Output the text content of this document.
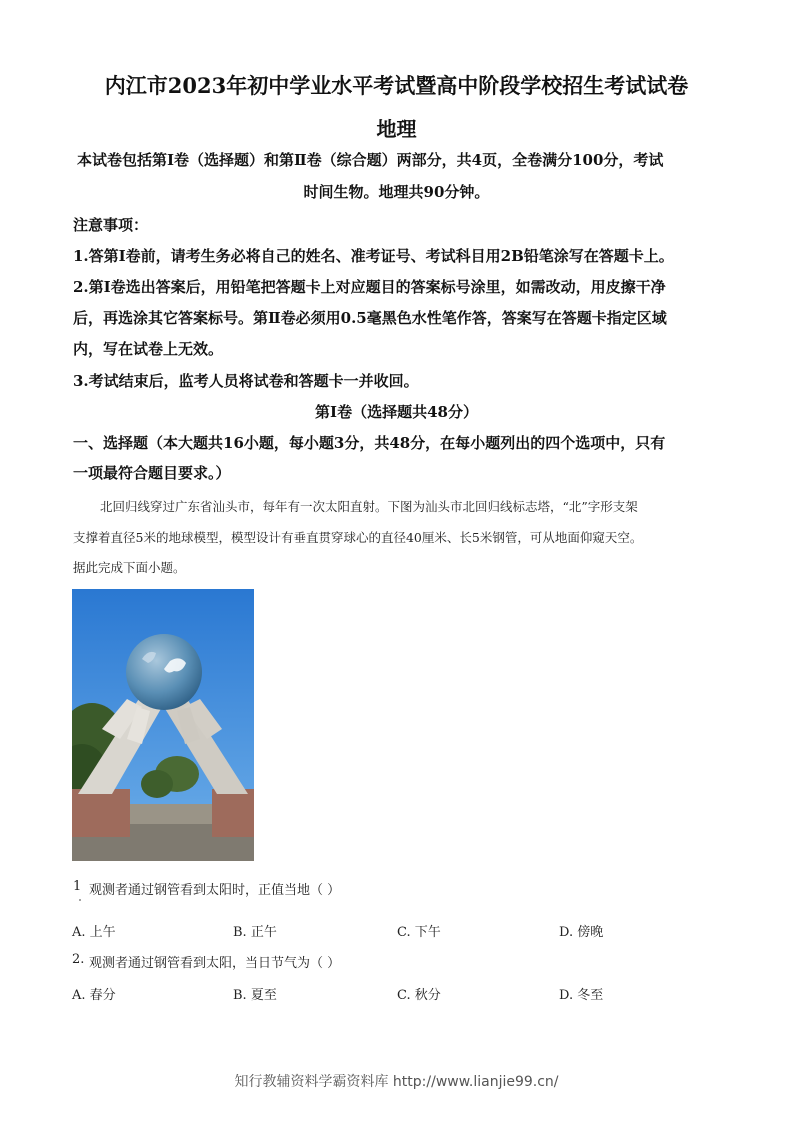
内江市2023年初中学业水平考试暨高中阶段学校招生考试试卷
地理
本试卷包括第Ⅰ卷（选择题）和第Ⅱ卷（综合题）两部分，共4页，全卷满分100分，考试
时间生物。地理共90分钟。
注意事项：
1.答第Ⅰ卷前，请考生务必将自己的姓名、准考证号、考试科目用2B铅笔涂写在答题卡上。
2.第Ⅰ卷选出答案后，用铅笔把答题卡上对应题目的答案标号涂里，如需改动，用皮擦干净
后，再选涂其它答案标号。第Ⅱ卷必须用0.5毫黑色水性笔作答，答案写在答题卡指定区域
内，写在试卷上无效。
3.考试结束后，监考人员将试卷和答题卡一并收回。
第Ⅰ卷（选择题共48分）
一、选择题（本大题共16小题，每小题3分，共48分，在每小题列出的四个选项中，只有
一项最符合题目要求。）
北回归线穿过广东省汕头市，每年有一次太阳直射。下图为汕头市北回归线标志塔，“北”字形支架
支撑着直径5米的地球模型，模型设计有垂直贯穿球心的直径40厘米、长5米钢管，可从地面仰窥天空。
据此完成下面小题。
1 观测者通过钢管看到太阳时，正值当地（ ）
A. 上午	B. 正午	C. 下午	D. 傍晚
2. 观测者通过钢管看到太阳，当日节气为（ ）
A. 春分	B. 夏至	C. 秋分	D. 冬至
知行教辅资料学霸资料库 http://www.lianjie99.cn/
